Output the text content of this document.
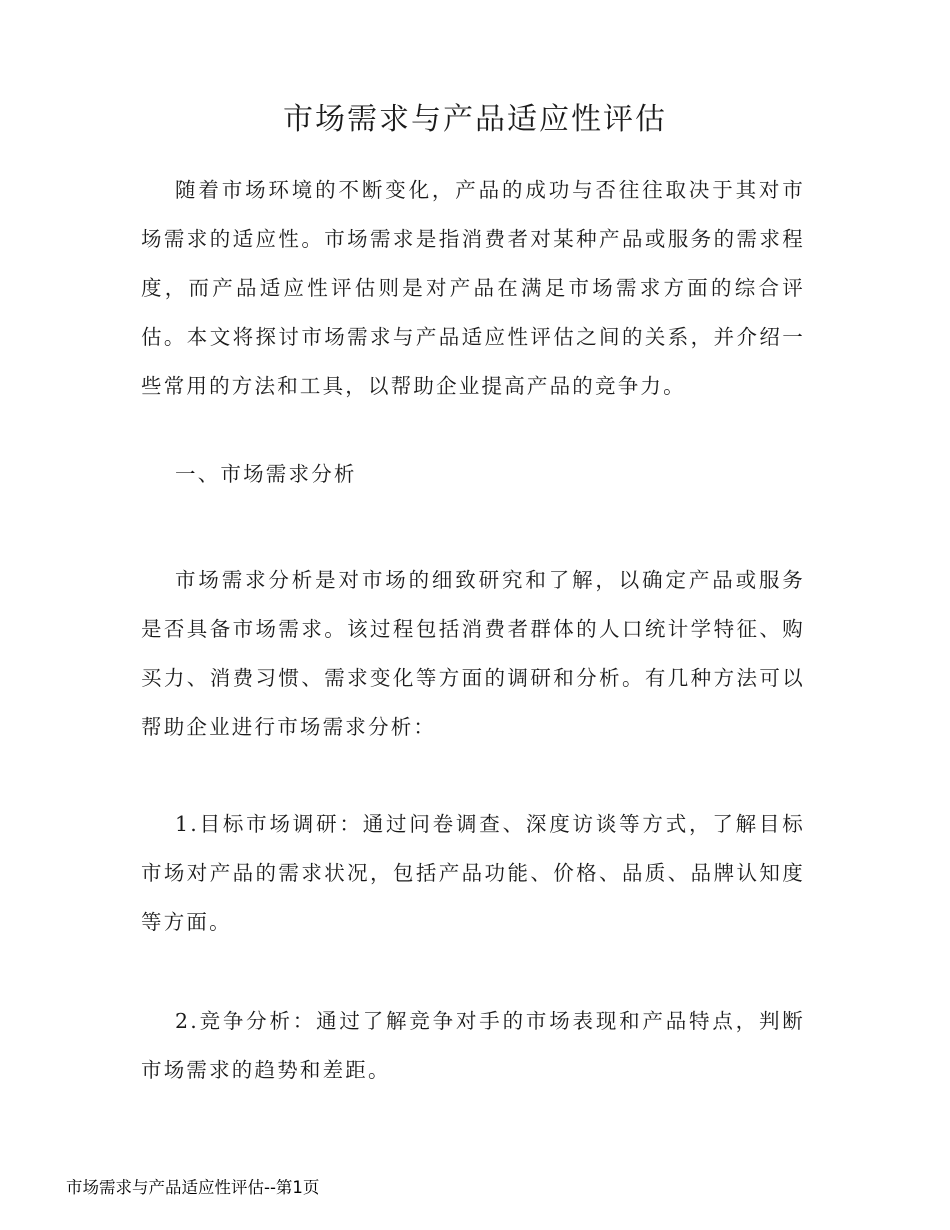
市场需求与产品适应性评估

随着市场环境的不断变化，产品的成功与否往往取决于其对市场需求的适应性。市场需求是指消费者对某种产品或服务的需求程度，而产品适应性评估则是对产品在满足市场需求方面的综合评估。本文将探讨市场需求与产品适应性评估之间的关系，并介绍一些常用的方法和工具，以帮助企业提高产品的竞争力。

一、市场需求分析

市场需求分析是对市场的细致研究和了解，以确定产品或服务是否具备市场需求。该过程包括消费者群体的人口统计学特征、购买力、消费习惯、需求变化等方面的调研和分析。有几种方法可以帮助企业进行市场需求分析：

1.目标市场调研：通过问卷调查、深度访谈等方式，了解目标市场对产品的需求状况，包括产品功能、价格、品质、品牌认知度等方面。

2.竞争分析：通过了解竞争对手的市场表现和产品特点，判断市场需求的趋势和差距。

市场需求与产品适应性评估--第1页
